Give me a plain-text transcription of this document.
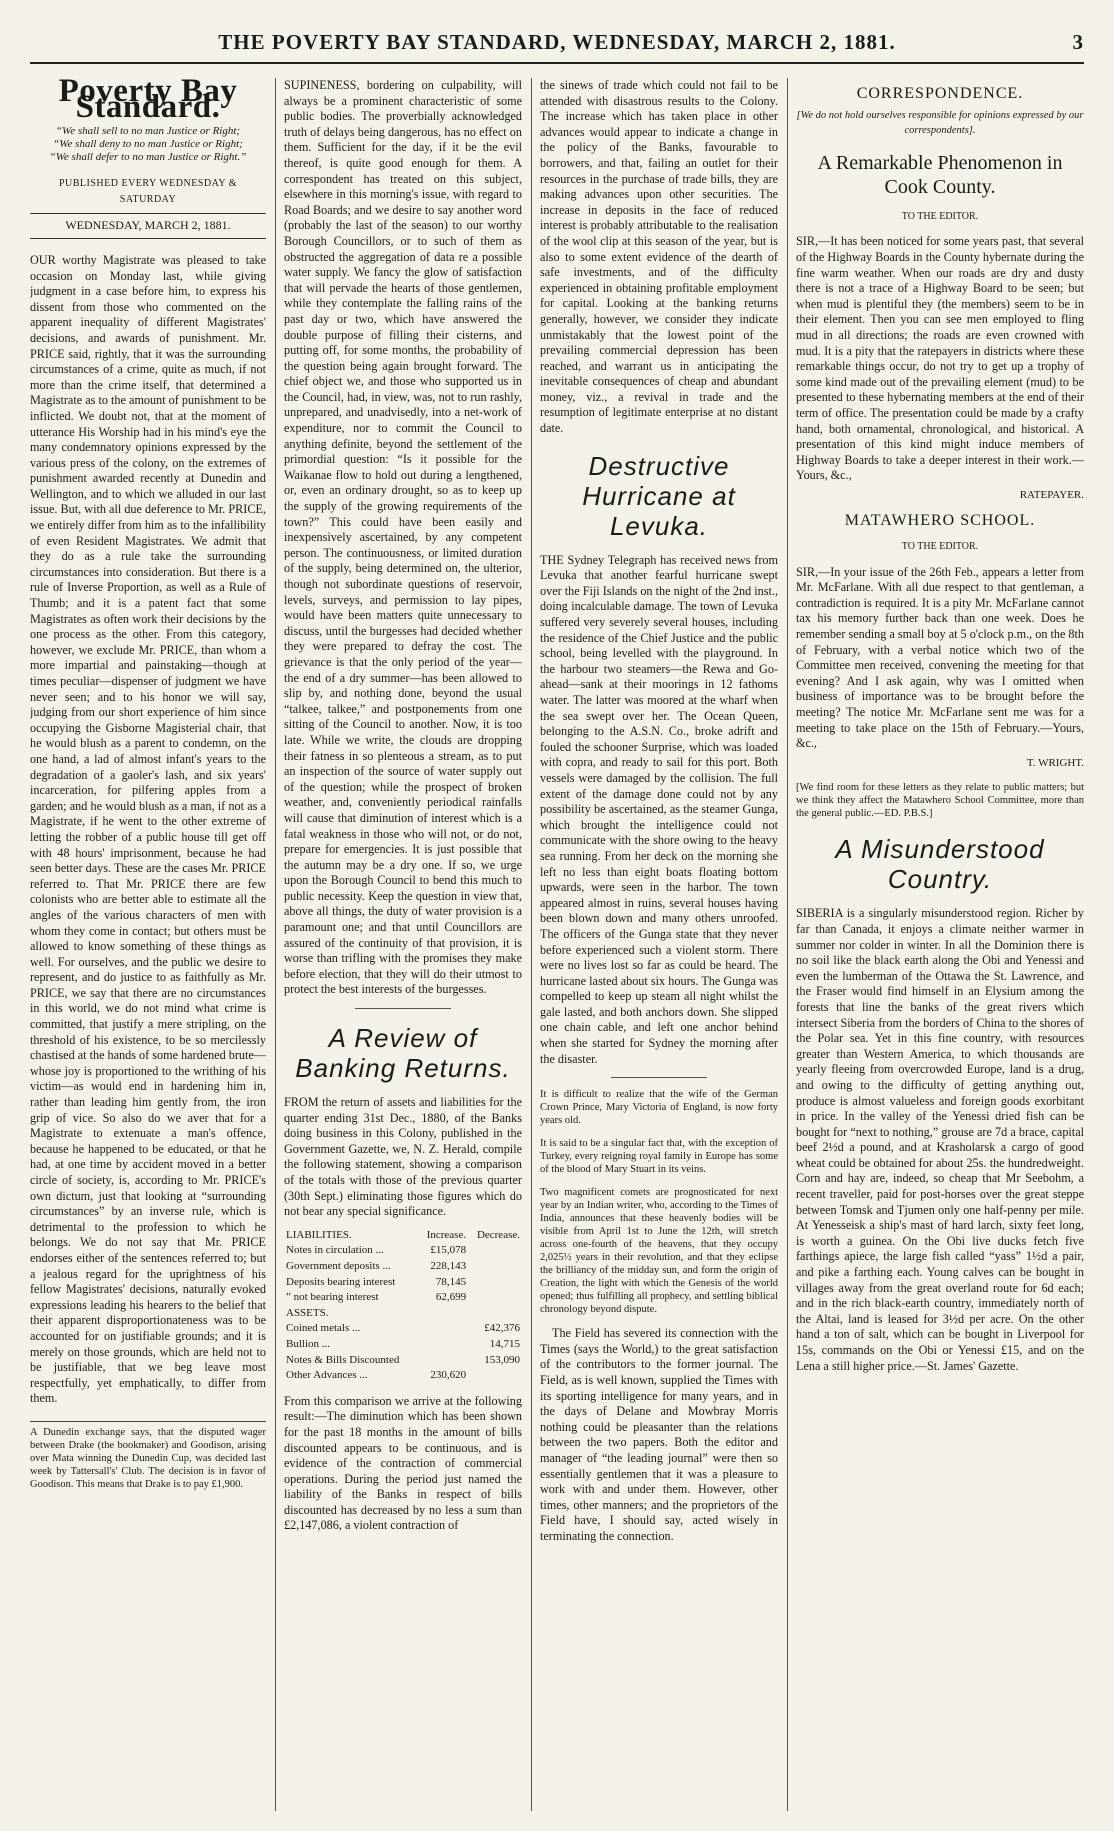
THE POVERTY BAY STANDARD, WEDNESDAY, MARCH 2, 1881.	3
Poverty Bay Standard.
“We shall sell to no man Justice or Right;
“We shall deny to no man Justice or Right;
“We shall defer to no man Justice or Right.”
PUBLISHED EVERY WEDNESDAY & SATURDAY
WEDNESDAY, MARCH 2, 1881.

OUR worthy Magistrate was pleased to take occasion on Monday last, while giving judgment in a case before him, to express his dissent from those who commented on the apparent inequality of different Magistrates' decisions, and awards of punishment. Mr. PRICE said, rightly, that it was the surrounding circumstances of a crime, quite as much, if not more than the crime itself, that determined a Magistrate as to the amount of punishment to be inflicted. We doubt not, that at the moment of utterance His Worship had in his mind's eye the many condemnatory opinions expressed by the various press of the colony, on the extremes of punishment awarded recently at Dunedin and Wellington, and to which we alluded in our last issue. But, with all due deference to Mr. PRICE, we entirely differ from him as to the infallibility of even Resident Magistrates. We admit that they do as a rule take the surrounding circumstances into consideration. But there is a rule of Inverse Proportion, as well as a Rule of Thumb; and it is a patent fact that some Magistrates as often work their decisions by the one process as the other. From this category, however, we exclude Mr. PRICE, than whom a more impartial and painstaking—though at times peculiar—dispenser of judgment we have never seen; and to his honor we will say, judging from our short experience of him since occupying the Gisborne Magisterial chair, that he would blush as a parent to condemn, on the one hand, a lad of almost infant's years to the degradation of a gaoler's lash, and six years' incarceration, for pilfering apples from a garden; and he would blush as a man, if not as a Magistrate, if he went to the other extreme of letting the robber of a public house till get off with 48 hours' imprisonment, because he had seen better days. These are the cases Mr. PRICE referred to. That Mr. PRICE there are few colonists who are better able to estimate all the angles of the various characters of men with whom they come in contact; but others must be allowed to know something of these things as well. For ourselves, and the public we desire to represent, and do justice to as faithfully as Mr. PRICE, we say that there are no circumstances in this world, we do not mind what crime is committed, that justify a mere stripling, on the threshold of his existence, to be so mercilessly chastised at the hands of some hardened brute—whose joy is proportioned to the writhing of his victim—as would end in hardening him in, rather than leading him gently from, the iron grip of vice. So also do we aver that for a Magistrate to extenuate a man's offence, because he happened to be educated, or that he had, at one time by accident moved in a better circle of society, is, according to Mr. PRICE's own dictum, just that looking at “surrounding circumstances” by an inverse rule, which is detrimental to the profession to which he belongs. We do not say that Mr. PRICE endorses either of the sentences referred to; but a jealous regard for the uprightness of his fellow Magistrates' decisions, naturally evoked expressions leading his hearers to the belief that their apparent disproportionateness was to be accounted for on justifiable grounds; and it is merely on those grounds, which are held not to be justifiable, that we beg leave most respectfully, yet emphatically, to differ from them.

A Dunedin exchange says, that the disputed wager between Drake (the bookmaker) and Goodison, arising over Mata winning the Dunedin Cup, was decided last week by Tattersall's' Club. The decision is in favor of Goodison. This means that Drake is to pay £1,900.

SUPINENESS, bordering on culpability, will always be a prominent characteristic of some public bodies. The proverbially acknowledged truth of delays being dangerous, has no effect on them. Sufficient for the day, if it be the evil thereof, is quite good enough for them. A correspondent has treated on this subject, elsewhere in this morning's issue, with regard to Road Boards; and we desire to say another word (probably the last of the season) to our worthy Borough Councillors, or to such of them as obstructed the aggregation of data re a possible water supply. We fancy the glow of satisfaction that will pervade the hearts of those gentlemen, while they contemplate the falling rains of the past day or two, which have answered the double purpose of filling their cisterns, and putting off, for some months, the probability of the question being again brought forward. The chief object we, and those who supported us in the Council, had, in view, was, not to run rashly, unprepared, and unadvisedly, into a net-work of expenditure, nor to commit the Council to anything definite, beyond the settlement of the primordial question: “Is it possible for the Waikanae flow to hold out during a lengthened, or, even an ordinary drought, so as to keep up the supply of the growing requirements of the town?” This could have been easily and inexpensively ascertained, by any competent person. The continuousness, or limited duration of the supply, being determined on, the ulterior, though not subordinate questions of reservoir, levels, surveys, and permission to lay pipes, would have been matters quite unnecessary to discuss, until the burgesses had decided whether they were prepared to defray the cost. The grievance is that the only period of the year—the end of a dry summer—has been allowed to slip by, and nothing done, beyond the usual “talkee, talkee,” and postponements from one sitting of the Council to another. Now, it is too late. While we write, the clouds are dropping their fatness in so plenteous a stream, as to put an inspection of the source of water supply out of the question; while the prospect of broken weather, and, conveniently periodical rainfalls will cause that diminution of interest which is a fatal weakness in those who will not, or do not, prepare for emergencies. It is just possible that the autumn may be a dry one. If so, we urge upon the Borough Council to bend this much to public necessity. Keep the question in view that, above all things, the duty of water provision is a paramount one; and that until Councillors are assured of the continuity of that provision, it is worse than trifling with the promises they make before election, that they will do their utmost to protect the best interests of the burgesses.

A Review of Banking Returns.

FROM the return of assets and liabilities for the quarter ending 31st Dec., 1880, of the Banks doing business in this Colony, published in the Government Gazette, we, N. Z. Herald, compile the following statement, showing a comparison of the totals with those of the previous quarter (30th Sept.) eliminating those figures which do not bear any special significance.

LIABILITIES.	Increase.	Decrease.
Notes in circulation ...	£15,078	
Government deposits ...	228,143	
Deposits bearing interest	78,145	
” not bearing interest	62,699	
ASSETS.		
Coined metals ...		£42,376
Bullion ...		14,715
Notes & Bills Discounted		153,090
Other Advances ...	230,620	

From this comparison we arrive at the following result:—The diminution which has been shown for the past 18 months in the amount of bills discounted appears to be continuous, and is evidence of the contraction of commercial operations. During the period just named the liability of the Banks in respect of bills discounted has decreased by no less a sum than £2,147,086, a violent contraction of

the sinews of trade which could not fail to be attended with disastrous results to the Colony. The increase which has taken place in other advances would appear to indicate a change in the policy of the Banks, favourable to borrowers, and that, failing an outlet for their resources in the purchase of trade bills, they are making advances upon other securities. The increase in deposits in the face of reduced interest is probably attributable to the realisation of the wool clip at this season of the year, but is also to some extent evidence of the dearth of safe investments, and of the difficulty experienced in obtaining profitable employment for capital. Looking at the banking returns generally, however, we consider they indicate unmistakably that the lowest point of the prevailing commercial depression has been reached, and warrant us in anticipating the inevitable consequences of cheap and abundant money, viz., a revival in trade and the resumption of legitimate enterprise at no distant date.

Destructive Hurricane at Levuka.

THE Sydney Telegraph has received news from Levuka that another fearful hurricane swept over the Fiji Islands on the night of the 2nd inst., doing incalculable damage. The town of Levuka suffered very severely several houses, including the residence of the Chief Justice and the public school, being levelled with the playground. In the harbour two steamers—the Rewa and Go-ahead—sank at their moorings in 12 fathoms water. The latter was moored at the wharf when the sea swept over her. The Ocean Queen, belonging to the A.S.N. Co., broke adrift and fouled the schooner Surprise, which was loaded with copra, and ready to sail for this port. Both vessels were damaged by the collision. The full extent of the damage done could not by any possibility be ascertained, as the steamer Gunga, which brought the intelligence could not communicate with the shore owing to the heavy sea running. From her deck on the morning she left no less than eight boats floating bottom upwards, were seen in the harbor. The town appeared almost in ruins, several houses having been blown down and many others unroofed. The officers of the Gunga state that they never before experienced such a violent storm. There were no lives lost so far as could be heard. The hurricane lasted about six hours. The Gunga was compelled to keep up steam all night whilst the gale lasted, and both anchors down. She slipped one chain cable, and left one anchor behind when she started for Sydney the morning after the disaster.

It is difficult to realize that the wife of the German Crown Prince, Mary Victoria of England, is now forty years old.
It is said to be a singular fact that, with the exception of Turkey, every reigning royal family in Europe has some of the blood of Mary Stuart in its veins.
Two magnificent comets are prognosticated for next year by an Indian writer, who, according to the Times of India, announces that these heavenly bodies will be visible from April 1st to June the 12th, will stretch across one-fourth of the heavens, that they occupy 2,025½ years in their revolution, and that they eclipse the brilliancy of the midday sun, and form the origin of Creation, the light with which the Genesis of the world opened; thus fulfilling all prophecy, and settling biblical chronology beyond dispute.

The Field has severed its connection with the Times (says the World,) to the great satisfaction of the contributors to the former journal. The Field, as is well known, supplied the Times with its sporting intelligence for many years, and in the days of Delane and Mowbray Morris nothing could be pleasanter than the relations between the two papers. Both the editor and manager of “the leading journal” were then so essentially gentlemen that it was a pleasure to work with and under them. However, other times, other manners; and the proprietors of the Field have, I should say, acted wisely in terminating the connection.

CORRESPONDENCE.
[We do not hold ourselves responsible for opinions expressed by our correspondents].
A Remarkable Phenomenon in Cook County.
TO THE EDITOR.

SIR,—It has been noticed for some years past, that several of the Highway Boards in the County hybernate during the fine warm weather. When our roads are dry and dusty there is not a trace of a Highway Board to be seen; but when mud is plentiful they (the members) seem to be in their element. Then you can see men employed to fling mud in all directions; the roads are even crowned with mud. It is a pity that the ratepayers in districts where these remarkable things occur, do not try to get up a trophy of some kind made out of the prevailing element (mud) to be presented to these hybernating members at the end of their term of office. The presentation could be made by a crafty hand, both ornamental, chronological, and historical. A presentation of this kind might induce members of Highway Boards to take a deeper interest in their work.—Yours, &c.,

RATEPAYER.
MATAWHERO SCHOOL.
TO THE EDITOR.

SIR,—In your issue of the 26th Feb., appears a letter from Mr. McFarlane. With all due respect to that gentleman, a contradiction is required. It is a pity Mr. McFarlane cannot tax his memory further back than one week. Does he remember sending a small boy at 5 o'clock p.m., on the 8th of February, with a verbal notice which two of the Committee men received, convening the meeting for that evening? And I ask again, why was I omitted when business of importance was to be brought before the meeting? The notice Mr. McFarlane sent me was for a meeting to take place on the 15th of February.—Yours, &c.,

T. WRIGHT.
[We find room for these letters as they relate to public matters; but we think they affect the Matawhero School Committee, more than the general public.—ED. P.B.S.]
A Misunderstood Country.

SIBERIA is a singularly misunderstood region. Richer by far than Canada, it enjoys a climate neither warmer in summer nor colder in winter. In all the Dominion there is no soil like the black earth along the Obi and Yenessi and even the lumberman of the Ottawa the St. Lawrence, and the Fraser would find himself in an Elysium among the forests that line the banks of the great rivers which intersect Siberia from the borders of China to the shores of the Polar sea. Yet in this fine country, with resources greater than Western America, to which thousands are yearly fleeing from overcrowded Europe, land is a drug, and owing to the difficulty of getting anything out, produce is almost valueless and foreign goods exorbitant in price. In the valley of the Yenessi dried fish can be bought for “next to nothing,” grouse are 7d a brace, capital beef 2½d a pound, and at Krasholarsk a cargo of good wheat could be obtained for about 25s. the hundredweight. Corn and hay are, indeed, so cheap that Mr Seebohm, a recent traveller, paid for post-horses over the great steppe between Tomsk and Tjumen only one half-penny per mile. At Yenesseisk a ship's mast of hard larch, sixty feet long, is worth a guinea. On the Obi live ducks fetch five farthings apiece, the large fish called “yass” 1½d a pair, and pike a farthing each. Young calves can be bought in villages away from the great overland route for 6d each; and in the rich black-earth country, immediately north of the Altai, land is leased for 3½d per acre. On the other hand a ton of salt, which can be bought in Liverpool for 15s, commands on the Obi or Yenessi £15, and on the Lena a still higher price.—St. James' Gazette.
